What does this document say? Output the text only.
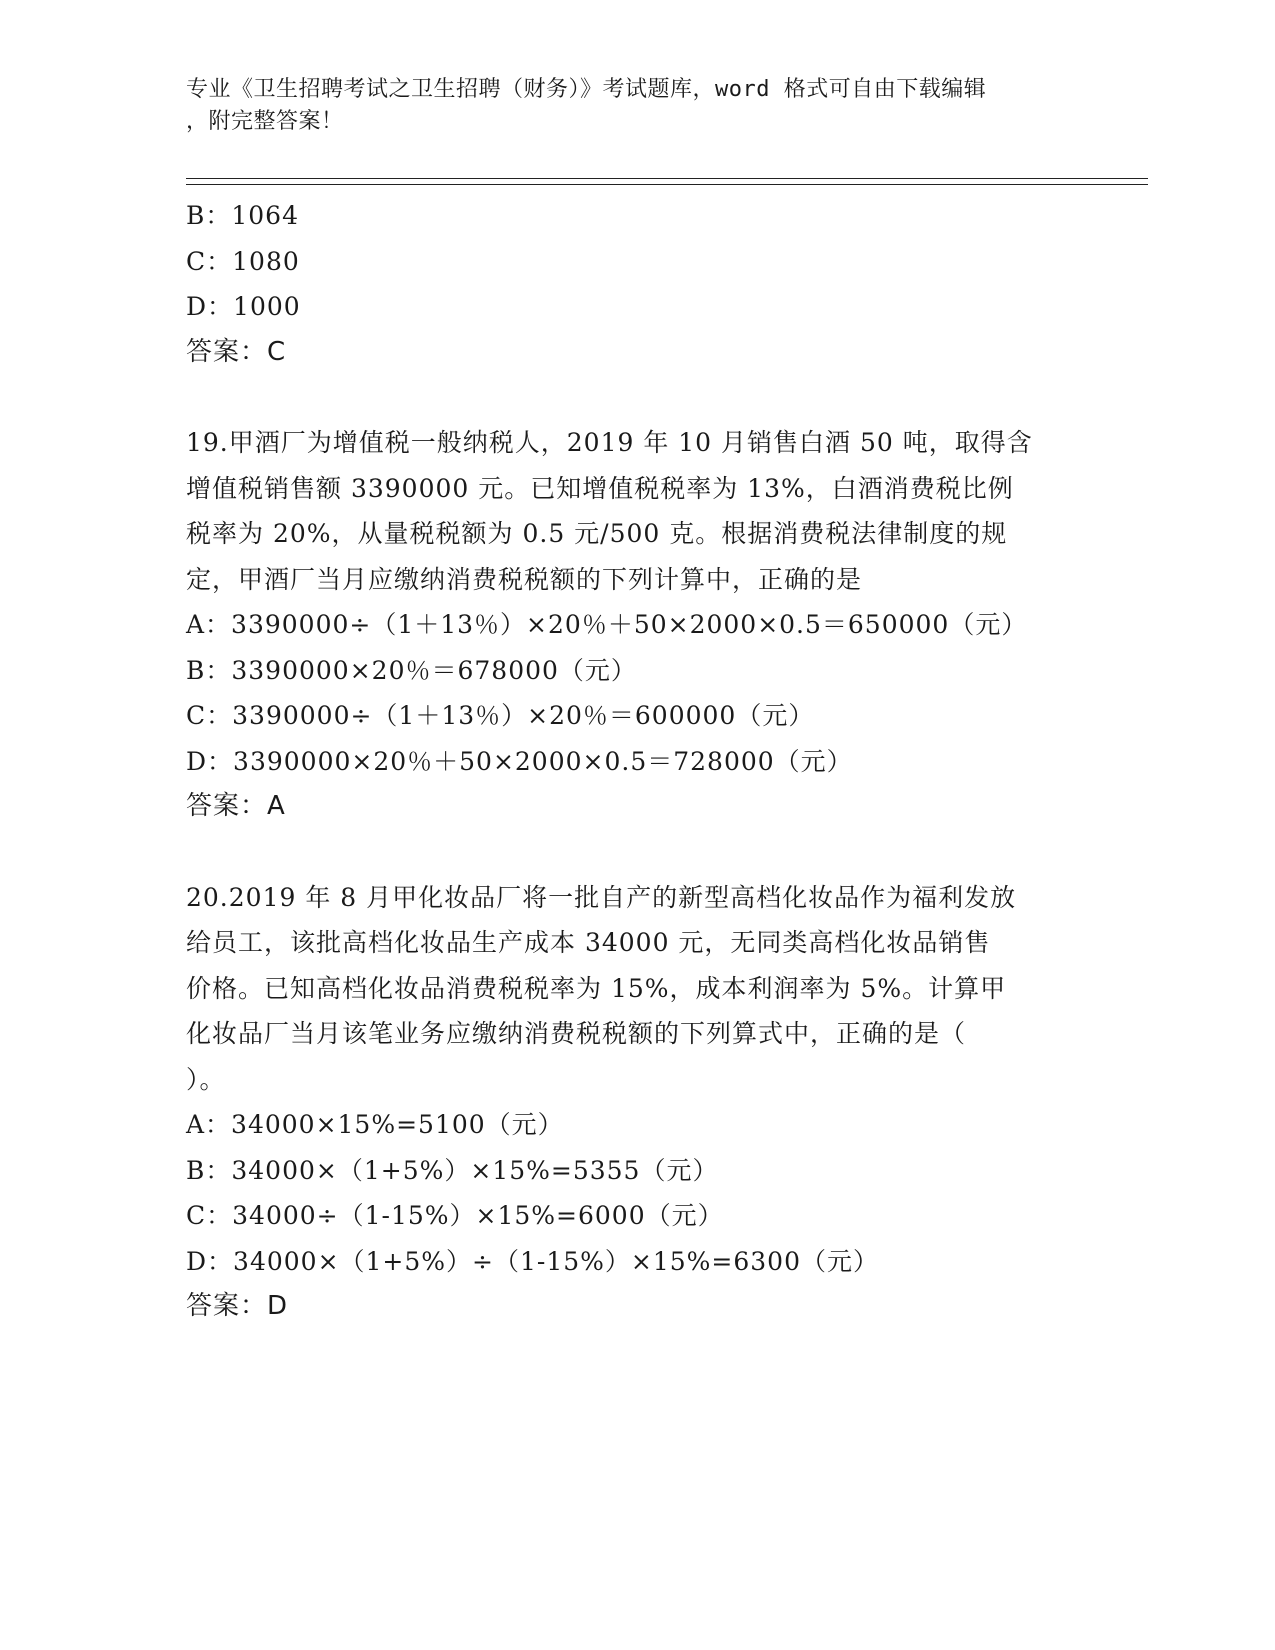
专业《卫生招聘考试之卫生招聘（财务）》考试题库，word 格式可自由下载编辑
，附完整答案！
B：1064
C：1080
D：1000
答案：C
19.甲酒厂为增值税一般纳税人，2019 年 10 月销售白酒 50 吨，取得含
增值税销售额 3390000 元。已知增值税税率为 13%，白酒消费税比例
税率为 20%，从量税税额为 0.5 元/500 克。根据消费税法律制度的规
定，甲酒厂当月应缴纳消费税税额的下列计算中，正确的是
A：3390000÷（1＋13％）×20％＋50×2000×0.5＝650000（元）
B：3390000×20％＝678000（元）
C：3390000÷（1＋13％）×20％＝600000（元）
D：3390000×20％＋50×2000×0.5＝728000（元）
答案：A
20.2019 年 8 月甲化妆品厂将一批自产的新型高档化妆品作为福利发放
给员工，该批高档化妆品生产成本 34000 元，无同类高档化妆品销售
价格。已知高档化妆品消费税税率为 15%，成本利润率为 5%。计算甲
化妆品厂当月该笔业务应缴纳消费税税额的下列算式中，正确的是（
）。
A：34000×15%=5100（元）
B：34000×（1+5%）×15%=5355（元）
C：34000÷（1-15%）×15%=6000（元）
D：34000×（1+5%）÷（1-15%）×15%=6300（元）
答案：D
